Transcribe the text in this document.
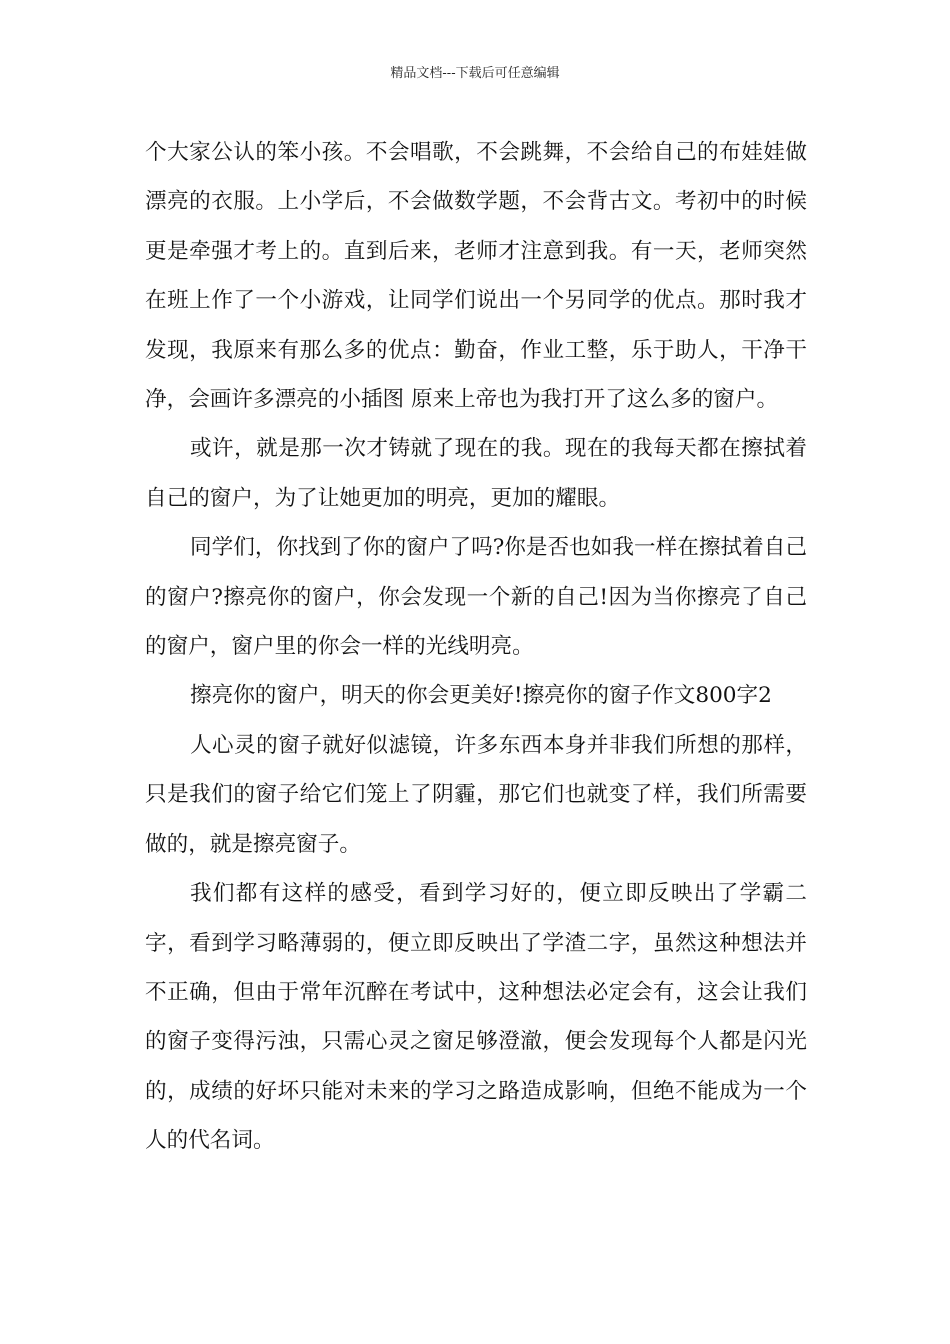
精品文档---下载后可任意编辑

个大家公认的笨小孩。不会唱歌，不会跳舞，不会给自己的布娃娃做漂亮的衣服。上小学后，不会做数学题，不会背古文。考初中的时候更是牵强才考上的。直到后来，老师才注意到我。有一天，老师突然在班上作了一个小游戏，让同学们说出一个另同学的优点。那时我才发现，我原来有那么多的优点：勤奋，作业工整，乐于助人，干净干净，会画许多漂亮的小插图 原来上帝也为我打开了这么多的窗户。

或许，就是那一次才铸就了现在的我。现在的我每天都在擦拭着自己的窗户，为了让她更加的明亮，更加的耀眼。

同学们，你找到了你的窗户了吗?你是否也如我一样在擦拭着自己的窗户?擦亮你的窗户，你会发现一个新的自己!因为当你擦亮了自己的窗户，窗户里的你会一样的光线明亮。

擦亮你的窗户，明天的你会更美好!擦亮你的窗子作文800字2

人心灵的窗子就好似滤镜，许多东西本身并非我们所想的那样，只是我们的窗子给它们笼上了阴霾，那它们也就变了样，我们所需要做的，就是擦亮窗子。

我们都有这样的感受，看到学习好的，便立即反映出了学霸二字，看到学习略薄弱的，便立即反映出了学渣二字，虽然这种想法并不正确，但由于常年沉醉在考试中，这种想法必定会有，这会让我们的窗子变得污浊，只需心灵之窗足够澄澈，便会发现每个人都是闪光的，成绩的好坏只能对未来的学习之路造成影响，但绝不能成为一个人的代名词。
